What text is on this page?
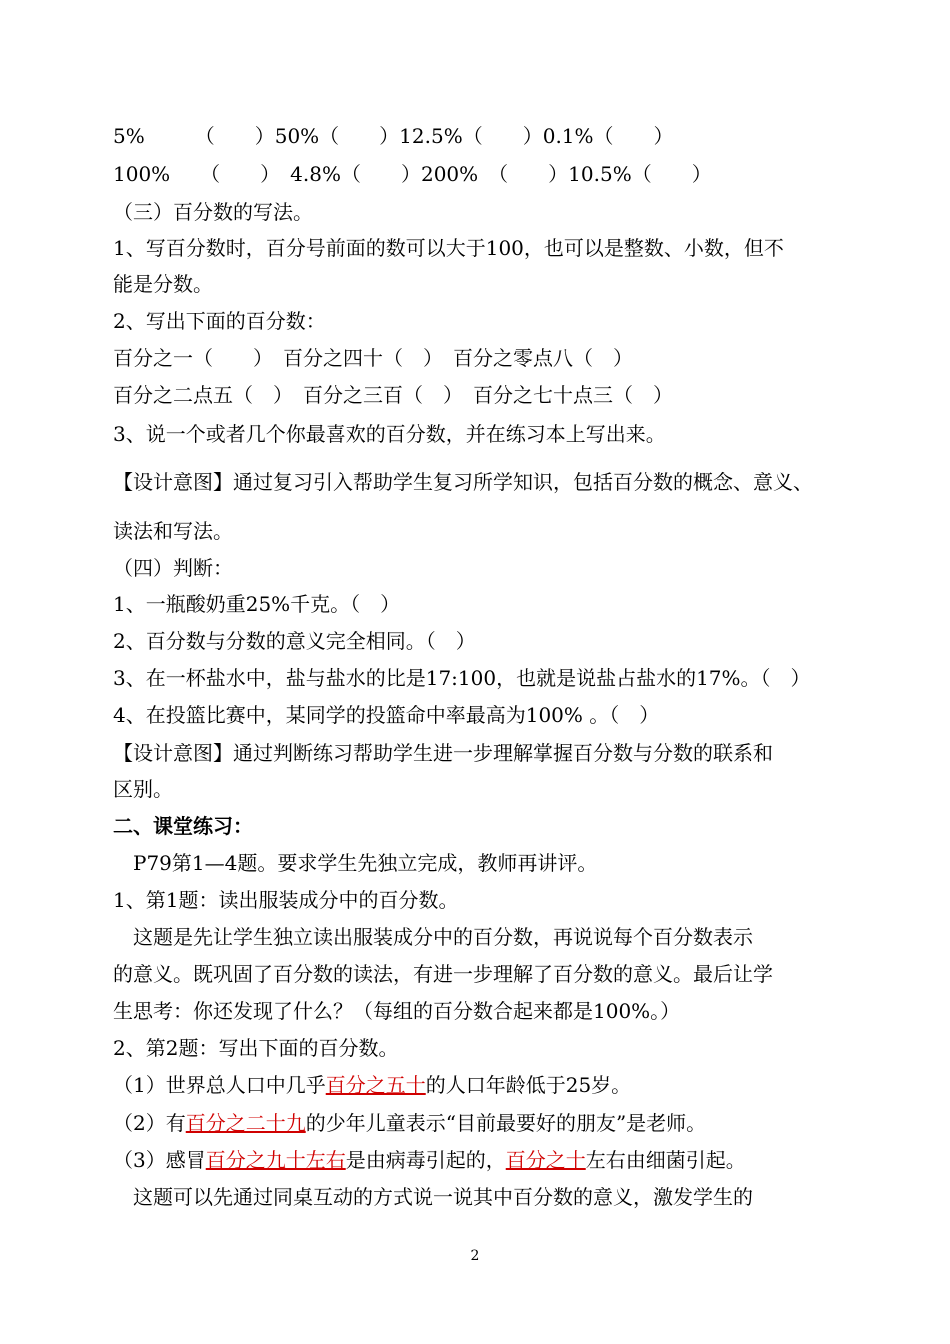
5%　　　（　　）50%（　　）12.5%（　　）0.1%（　　）
100%　　（　　）　4.8%（　　）200%　（　　）10.5%（　　）
（三）百分数的写法。
1、写百分数时，百分号前面的数可以大于100，也可以是整数、小数，但不
能是分数。
2、写出下面的百分数：
百分之一（　　）　百分之四十（　）　百分之零点八（　）
百分之二点五（　）　百分之三百（　）　百分之七十点三（　）
3、说一个或者几个你最喜欢的百分数，并在练习本上写出来。
【设计意图】通过复习引入帮助学生复习所学知识，包括百分数的概念、意义、
读法和写法。
（四）判断：
1、一瓶酸奶重25%千克。（　）
2、百分数与分数的意义完全相同。（　）
3、在一杯盐水中，盐与盐水的比是17:100，也就是说盐占盐水的17%。（　）
4、在投篮比赛中，某同学的投篮命中率最高为100% 。（　）
【设计意图】通过判断练习帮助学生进一步理解掌握百分数与分数的联系和
区别。
二、课堂练习：
　P79第1—4题。要求学生先独立完成，教师再讲评。
1、第1题：读出服装成分中的百分数。
　这题是先让学生独立读出服装成分中的百分数，再说说每个百分数表示
的意义。既巩固了百分数的读法，有进一步理解了百分数的意义。最后让学
生思考：你还发现了什么？（每组的百分数合起来都是100%。）
2、第2题：写出下面的百分数。
（1）世界总人口中几乎百分之五十的人口年龄低于25岁。
（2）有百分之二十九的少年儿童表示“目前最要好的朋友”是老师。
（3）感冒百分之九十左右是由病毒引起的，百分之十左右由细菌引起。
　这题可以先通过同桌互动的方式说一说其中百分数的意义，激发学生的
2
